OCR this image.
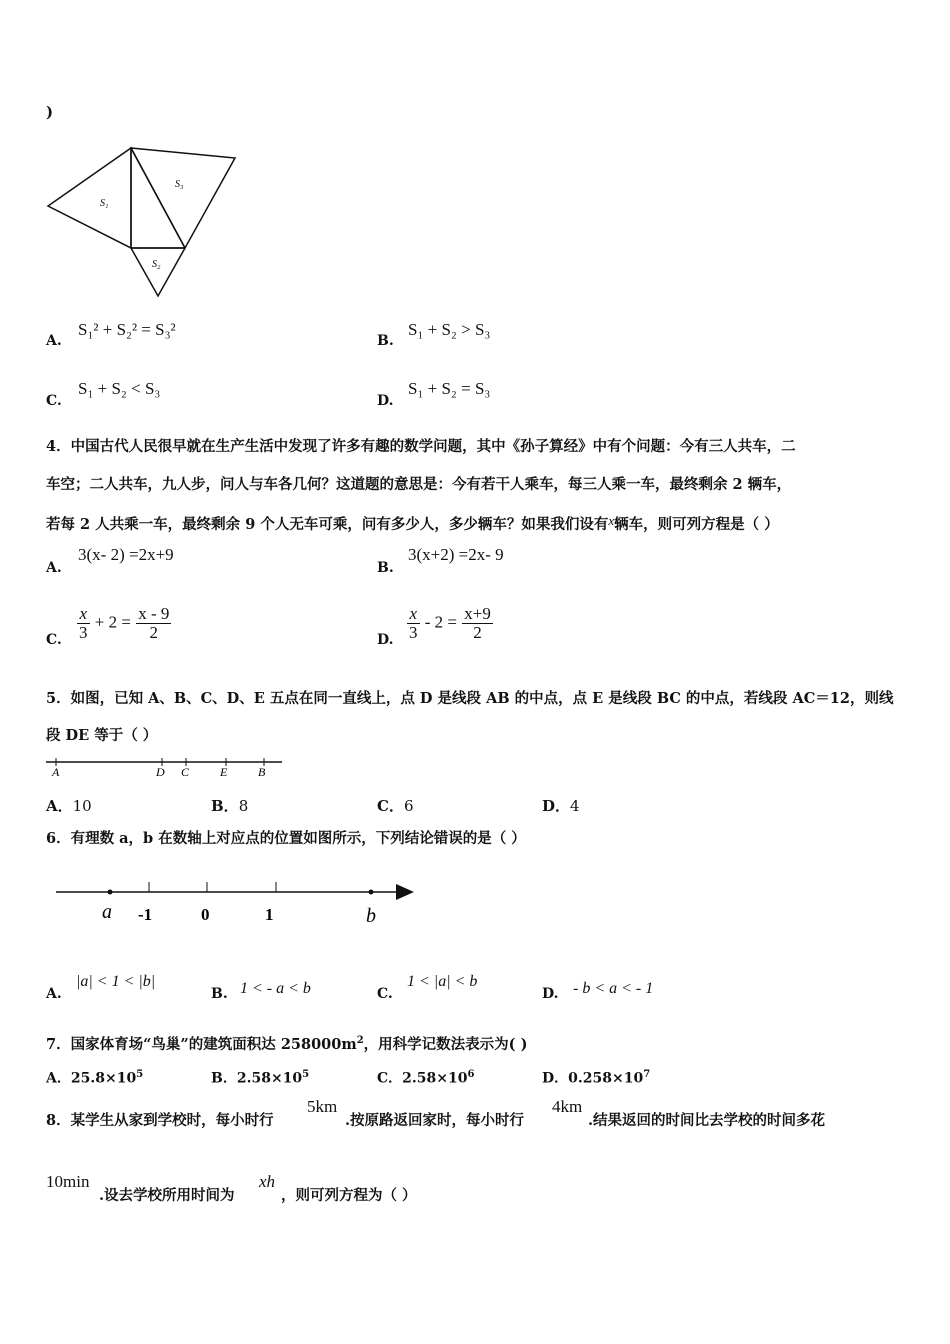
)
S₁
S₃
S₂
A.
S₁² + S₂² = S₃²
B.
S₁ + S₂ > S₃
C.
S₁ + S₂ < S₃
D.
S₁ + S₂ = S₃
4．中国古代人民很早就在生产生活中发现了许多有趣的数学问题，其中《孙子算经》中有个问题：今有三人共车，二
车空；二人共车，九人步，问人与车各几何？这道题的意思是：今有若干人乘车，每三人乘一车，最终剩余 2 辆车，
若每 2 人共乘一车，最终剩余 9 个人无车可乘，问有多少人，多少辆车？如果我们设有x辆车，则可列方程是（ ）
A.
3(x- 2) =2x+9
B.
3(x+2) =2x- 9
C. $\frac{x}{3} + 2 = \frac{x - 9}{2}$	D. $\frac{x}{3} - 2 = \frac{x+9}{2}$
5．如图，已知 A、B、C、D、E 五点在同一直线上，点 D 是线段 AB 的中点，点 E 是线段 BC 的中点，若线段 AC＝12，则线
段 DE 等于（ ）
A	D C	E	B
A．10	B．8	C．6	D．4
6．有理数 a，b 在数轴上对应点的位置如图所示，下列结论错误的是（ ）
a -1	0	1	b
A.
|a| < 1 < |b|
B. 1 < - a < b	C.
1 < |a| < b
D. - b < a < - 1
7．国家体育场“鸟巢”的建筑面积达 $258000m^2$，用科学记数法表示为( )
A．$25.8\times 10^5$	B．$2.58\times 10^5$	C．$2.58\times 10^6$	D．$0.258\times 10^7$
8．某学生从家到学校时，每小时行
5km
.按原路返回家时，每小时行
4km
.结果返回的时间比去学校的时间多花
10min
.设去学校所用时间为
xh
，则可列方程为（ ）
